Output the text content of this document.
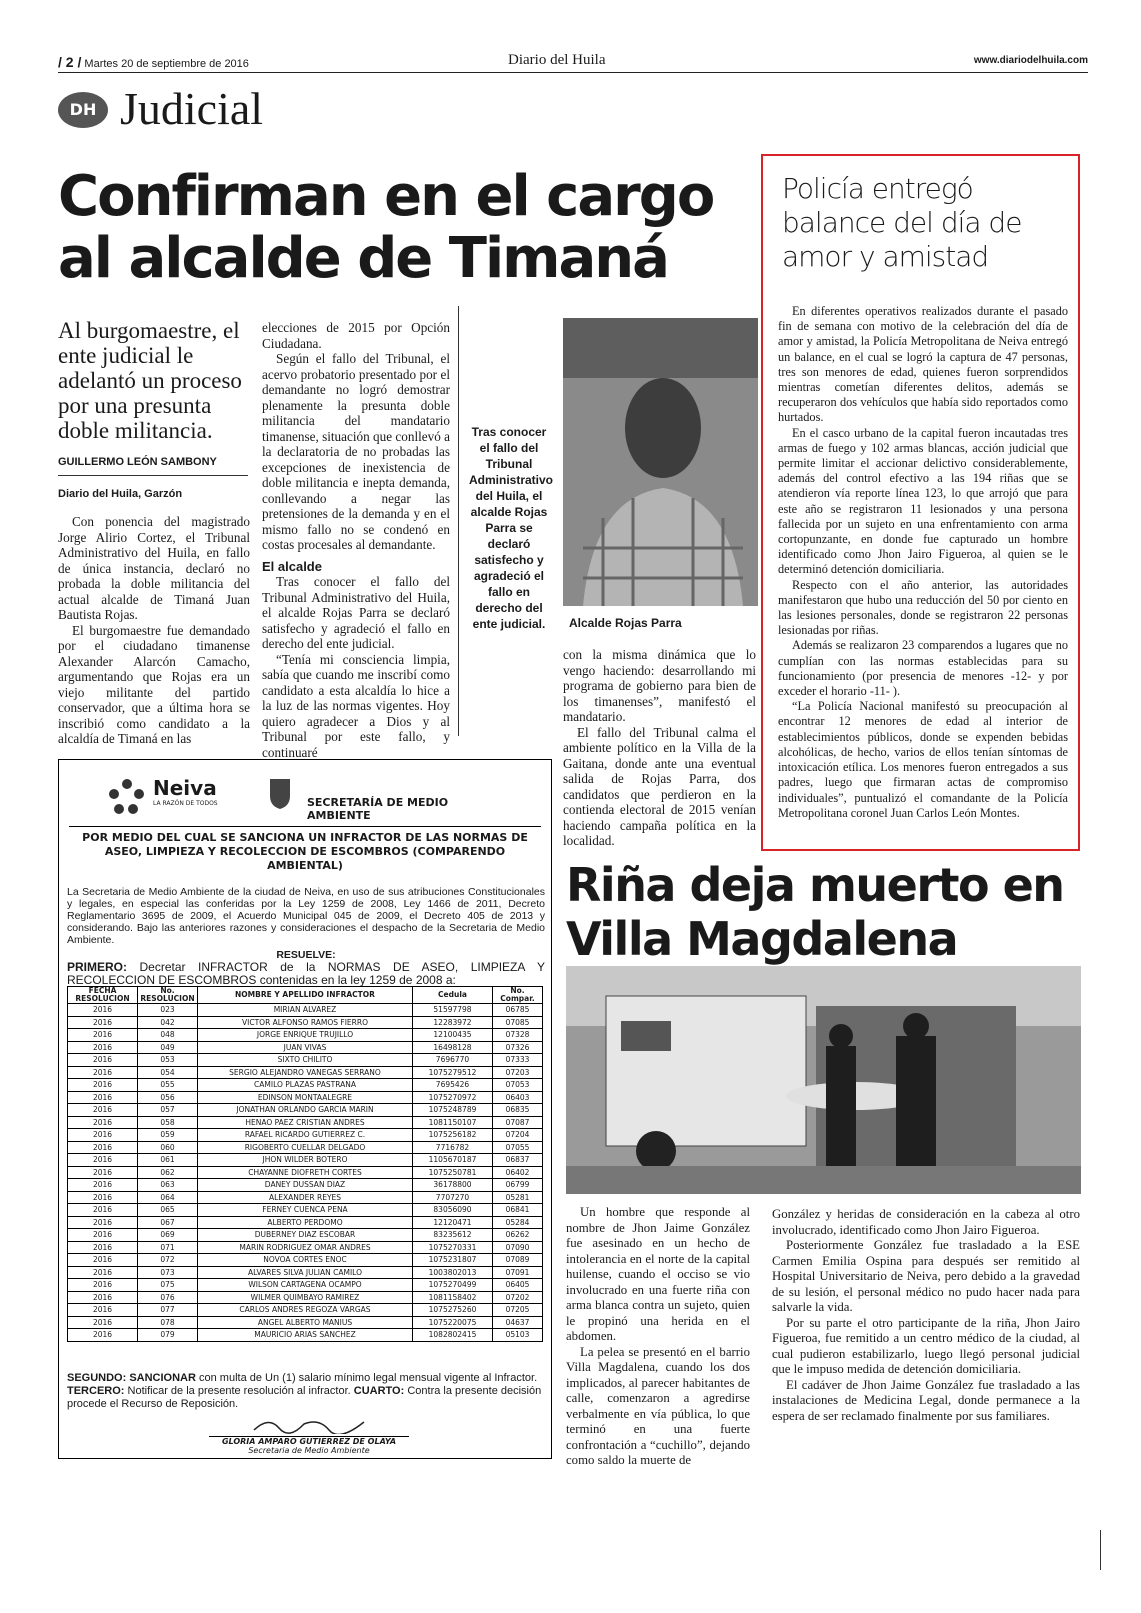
/ 2 / Martes 20 de septiembre de 2016	Diario del Huila	www.diariodelhuila.com
DH Judicial
Confirman en el cargo al alcalde de Timaná
Al burgomaestre, el ente judicial le adelantó un proceso por una presunta doble militancia.
GUILLERMO LEÓN SAMBONY
Diario del Huila, Garzón

Con ponencia del magistrado Jorge Alirio Cortez, el Tribunal Administrativo del Huila, en fallo de única instancia, declaró no probada la doble militancia del actual alcalde de Timaná Juan Bautista Rojas.

El burgomaestre fue demandado por el ciudadano timanense Alexander Alarcón Camacho, argumentando que Rojas era un viejo militante del partido conservador, que a última hora se inscribió como candidato a la alcaldía de Timaná en las

elecciones de 2015 por Opción Ciudadana.

Según el fallo del Tribunal, el acervo probatorio presentado por el demandante no logró demostrar plenamente la presunta doble militancia del mandatario timanense, situación que conllevó a la declaratoria de no probadas las excepciones de inexistencia de doble militancia e inepta demanda, conllevando a negar las pretensiones de la demanda y en el mismo fallo no se condenó en costas procesales al demandante.

El alcalde

Tras conocer el fallo del Tribunal Administrativo del Huila, el alcalde Rojas Parra se declaró satisfecho y agradeció el fallo en derecho del ente judicial.

“Tenía mi consciencia limpia, sabía que cuando me inscribí como candidato a esta alcaldía lo hice a la luz de las normas vigentes. Hoy quiero agradecer a Dios y al Tribunal por este fallo, y continuaré

Tras conocer el fallo del Tribunal Administrativo del Huila, el alcalde Rojas Parra se declaró satisfecho y agradeció el fallo en derecho del ente judicial.	Alcalde Rojas Parra

con la misma dinámica que lo vengo haciendo: desarrollando mi programa de gobierno para bien de los timanenses”, manifestó el mandatario.

El fallo del Tribunal calma el ambiente político en la Villa de la Gaitana, donde ante una eventual salida de Rojas Parra, dos candidatos que perdieron en la contienda electoral de 2015 venían haciendo campaña política en la localidad.

Policía entregó balance del día de amor y amistad

En diferentes operativos realizados durante el pasado fin de semana con motivo de la celebración del día de amor y amistad, la Policía Metropolitana de Neiva entregó un balance, en el cual se logró la captura de 47 personas, tres son menores de edad, quienes fueron sorprendidos mientras cometían diferentes delitos, además se recuperaron dos vehículos que había sido reportados como hurtados.

En el casco urbano de la capital fueron incautadas tres armas de fuego y 102 armas blancas, acción judicial que permite limitar el accionar delictivo considerablemente, además del control efectivo a las 194 riñas que se atendieron vía reporte línea 123, lo que arrojó que para este año se registraron 11 lesionados y una persona fallecida por un sujeto en una enfrentamiento con arma cortopunzante, en donde fue capturado un hombre identificado como Jhon Jairo Figueroa, al quien se le determinó detención domiciliaria.

Respecto con el año anterior, las autoridades manifestaron que hubo una reducción del 50 por ciento en las lesiones personales, donde se registraron 22 personas lesionadas por riñas.

Además se realizaron 23 comparendos a lugares que no cumplían con las normas establecidas para su funcionamiento (por presencia de menores -12- y por exceder el horario -11- ).

“La Policía Nacional manifestó su preocupación al encontrar 12 menores de edad al interior de establecimientos públicos, donde se expenden bebidas alcohólicas, de hecho, varios de ellos tenían síntomas de intoxicación etílica. Los menores fueron entregados a sus padres, luego que firmaran actas de compromiso individuales”, puntualizó el comandante de la Policía Metropolitana coronel Juan Carlos León Montes.

Riña deja muerto en Villa Magdalena

Un hombre que responde al nombre de Jhon Jaime González fue asesinado en un hecho de intolerancia en el norte de la capital huilense, cuando el occiso se vio involucrado en una fuerte riña con arma blanca contra un sujeto, quien le propinó una herida en el abdomen.

La pelea se presentó en el barrio Villa Magdalena, cuando los dos implicados, al parecer habitantes de calle, comenzaron a agredirse verbalmente en vía pública, lo que terminó en una fuerte confrontación a “cuchillo”, dejando como saldo la muerte de

González y heridas de consideración en la cabeza al otro involucrado, identificado como Jhon Jairo Figueroa.

Posteriormente González fue trasladado a la ESE Carmen Emilia Ospina para después ser remitido al Hospital Universitario de Neiva, pero debido a la gravedad de su lesión, el personal médico no pudo hacer nada para salvarle la vida.

Por su parte el otro participante de la riña, Jhon Jairo Figueroa, fue remitido a un centro médico de la ciudad, al cual pudieron estabilizarlo, luego llegó personal judicial que le impuso medida de detención domiciliaria.

El cadáver de Jhon Jaime González fue trasladado a las instalaciones de Medicina Legal, donde permanece a la espera de ser reclamado finalmente por sus familiares.

Neiva
LA RAZÓN DE TODOS	SECRETARÍA DE MEDIO AMBIENTE
POR MEDIO DEL CUAL SE SANCIONA UN INFRACTOR DE LAS NORMAS DE ASEO, LIMPIEZA Y RECOLECCION DE ESCOMBROS (COMPARENDO AMBIENTAL)
La Secretaria de Medio Ambiente de la ciudad de Neiva, en uso de sus atribuciones Constitucionales y legales, en especial las conferidas por la Ley 1259 de 2008, Ley 1466 de 2011, Decreto Reglamentario 3695 de 2009, el Acuerdo Municipal 045 de 2009, el Decreto 405 de 2013 y considerando. Bajo las anteriores razones y consideraciones el despacho de la Secretaria de Medio Ambiente.
RESUELVE:
PRIMERO: Decretar INFRACTOR de la NORMAS DE ASEO, LIMPIEZA Y RECOLECCION DE ESCOMBROS contenidas en la ley 1259 de 2008 a:
FECHA RESOLUCION	No. RESOLUCION	NOMBRE Y APELLIDO INFRACTOR	Cedula	No. Compar.
2016	023	MIRIAN ALVAREZ	51597798	06785
2016	042	VICTOR ALFONSO RAMOS FIERRO	12283972	07085
2016	048	JORGE ENRIQUE TRUJILLO	12100435	07328
2016	049	JUAN VIVAS	16498128	07326
2016	053	SIXTO CHILITO	7696770	07333
2016	054	SERGIO ALEJANDRO VANEGAS SERRANO	1075279512	07203
2016	055	CAMILO PLAZAS PASTRANA	7695426	07053
2016	056	EDINSON MONTAALEGRE	1075270972	06403
2016	057	JONATHAN ORLANDO GARCIA MARIN	1075248789	06835
2016	058	HENAO PAEZ CRISTIAN ANDRES	1081150107	07087
2016	059	RAFAEL RICARDO GUTIERREZ C.	1075256182	07204
2016	060	RIGOBERTO CUELLAR DELGADO	7716782	07055
2016	061	JHON WILDER BOTERO	1105670187	06837
2016	062	CHAYANNE DIOFRETH CORTES	1075250781	06402
2016	063	DANEY DUSSAN DIAZ	36178800	06799
2016	064	ALEXANDER REYES	7707270	05281
2016	065	FERNEY CUENCA PENA	83056090	06841
2016	067	ALBERTO PERDOMO	12120471	05284
2016	069	DUBERNEY DIAZ ESCOBAR	83235612	06262
2016	071	MARIN RODRIGUEZ OMAR ANDRES	1075270331	07090
2016	072	NOVOA CORTES ENOC	1075231807	07089
2016	073	ALVARES SILVA JULIAN CAMILO	1003802013	07091
2016	075	WILSON CARTAGENA OCAMPO	1075270499	06405
2016	076	WILMER QUIMBAYO RAMIREZ	1081158402	07202
2016	077	CARLOS ANDRES REGOZA VARGAS	1075275260	07205
2016	078	ANGEL ALBERTO MANIUS	1075220075	04637
2016	079	MAURICIO ARIAS SANCHEZ	1082802415	05103
SEGUNDO: SANCIONAR con multa de Un (1) salario mínimo legal mensual vigente al Infractor. TERCERO: Notificar de la presente resolución al infractor. CUARTO: Contra la presente decisión procede el Recurso de Reposición.
GLORIA AMPARO GUTIERREZ DE OLAYA
Secretaria de Medio Ambiente
